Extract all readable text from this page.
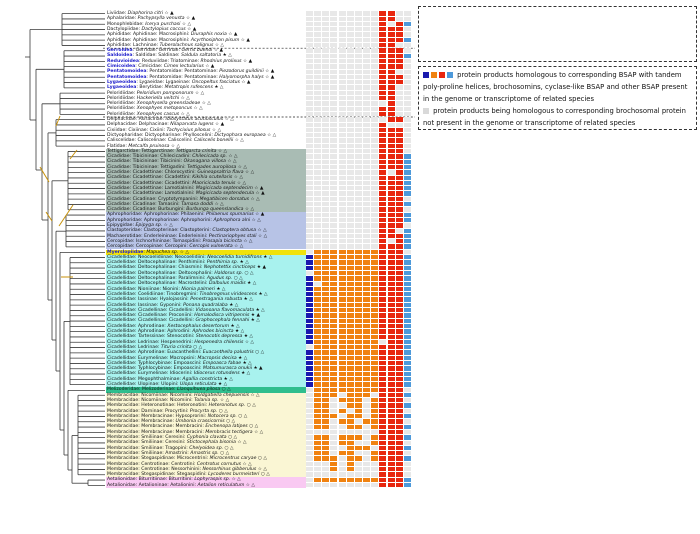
protein products homologous to corresponding BSAP with tandem poly-proline helices, brochosomins, cyclase-like BSAP and other BSAP present in the genome or transcriptome of related species

protein products being homologous to corresponding brochosomal protein not present in the genome or transcriptome of related species

Liviidae: Diaphorina citri ☆ ▲
Aphalaridae: Pachypsylla venusta ☆ ▲
Monophlebidae: Icerya purchasi ☆ △
Dactylopiidae: Dactylopius coccus ☆ ▲
Aphididae: Aphidinae: Macrosiphini: Diuraphis noxia ☆ ▲
Aphididae: Aphidinae: Macrosiphini: Acyrthosiphon pisum ☆ ▲
Aphididae: Lachninae: Tuberolachnus salignus ☆ △
Gerroidea: Gerridae: Gerrinae: Gerris buenoi ☆ ▲
Saldoidea: Saldidae: Saldinae: Saldula saltatoria ★ △
Reduvioidea: Reduviidae: Triatominae: Rhodnius prolixus ☆ ▲
Cimicoidea: Cimicidae: Cimex lectularius ☆ ▲
Pentatomoidea: Pentatomidae: Pentatominae: Piezodorus guildinii ☆ ▲
Pentatomoidea: Pentatomidae: Pentatominae: Halyomorpha halys ☆ ▲
Lygaeoidea: Lygaeidae: Lygaeinae: Oncopeltus fasciatus ☆ ▲
Lygaeoidea: Berytidae: Metatropis rufescens ★ △
Peloridiidae: Peloridium pomponorum ☆ △
Peloridiidae: Hackeriella veitchi ☆ △
Peloridiidae: Xenophysella greensladeae ☆ △
Peloridiidae: Xenophyes metoponcus ☆ △
Peloridiidae: Xenophyes cascus ☆ △
Delphacidae: Asiracinae: Idiosystatus acutiusculus ☆ △
Delphacidae: Delphacinae: Nilaparvata lugens ☆ ▲
Cixiidae: Cixiinae: Cixiini: Tachycixius pilosus ☆ △
Dictyopharidae: Dictyopharinae: Phylloscelini: Dictyophara europaea ☆ △
Caliscelidae: Caliscelinae: Caliscelini: Caliscelis bonellii ☆ △
Flatidae: Metcalfa pruinosa ☆ △
Tettigarctidae: Tettigarctinae: Tettigarcta crinita ☆ △
Cicadidae: Tibicininae: Chilecicadini: Chilecicada sp. ☆ △
Cicadidae: Tibicininae: Tibicinini: Okanagana villosa ☆ △
Cicadidae: Tibicininae: Tettigadini: Tettigades auropilosa ☆ △
Cicadidae: Cicadettinae: Chlorocystini: Guineapsaltria flava ☆ △
Cicadidae: Cicadettinae: Cicadettini: Kikihia scutellaris ☆ △
Cicadidae: Cicadettinae: Cicadettini: Maoricicada tenuis ☆ △
Cicadidae: Cicadettinae: Lamotialnini: Magicicada septendecim ☆ ▲
Cicadidae: Cicadettinae: Lamotialnini: Magicicada septendecula ☆ ▲
Cicadidae: Cicadinae: Cryptotympanini: Megatibicen dorsatus ☆ △
Cicadidae: Cicadinae: Tamasini: Tamasa doddi ☆ △
Cicadidae: Cicadinae: Burbungini: Burbunga queenslandica ☆ △
Aphrophoridae: Aphrophorinae: Philaenini: Philaenus spumarius ☆ ▲
Aphrophoridae: Aphrophorinae: Aphrophorini: Aphrophora alni ☆ △
Epipygidae: Epipyga sp. ☆ △
Clastopteridae: Clastopterinae: Clastopterini: Clastoptera obtusa ☆ △
Machaerotidae: Enderleininae: Enderleinini: Pectinariophyes stali ☆ △
Cercopidae: Ischnorhininae: Tomaspidini: Prosapia bicincta ☆ △
Cercopidae: Cercopinae: Cercopini: Cercopis vulnerata ☆ △
Myerslopiidae: Mapuchea sp. ☆ △
Cicadellidae: Neocoelidiinae: Neocoelidiini: Neocoelidia tumidifrons ★ △
Cicadellidae: Deltocephalinae: Penthimiini: Penthimia sp. ★ △
Cicadellidae: Deltocephalinae: Chiasmini: Nephotettix cincticeps ★ ▲
Cicadellidae: Deltocephalinae: Deltocephalini: Haldorus sp. ○ △
Cicadellidae: Deltocephalinae: Paralimnini: Agudus sp. ○ △
Cicadellidae: Deltocephalinae: Macrostelini: Dalbulus maidis ★ △
Cicadellidae: Nioniinae: Nionini: Nionia palmeri ★ △
Cicadellidae: Coelidiinae: Tinobregmini: Tinobregmus viridescens ★ △
Cicadellidae: Iassinae: Hyalojassini: Penestragania robusta ★ △
Cicadellidae: Iassinae: Gyponini: Ponana quadralaba ★ △
Cicadellidae: Cicadellinae: Cicadellini: Vidanoana flavomaculata ★ △
Cicadellidae: Cicadellinae: Proconiini: Homalodisca vitripennis ★ ▲
Cicadellidae: Cicadellinae: Cicadellini: Graphocephala fennahi ★ △
Cicadellidae: Aphrodinae: Xestocephalus desertorum ★ △
Cicadellidae: Aphrodinae: Aphrodini: Aphrodes bicincta ★ △
Cicadellidae: Tartessinae: Stenocotini: Stenocotis depressa ★ △
Cicadellidae: Ledrinae: Hespenedrini: Hespenedra chilensis ☆ △
Cicadellidae: Ledrinae: Tituria crinita ○ △
Cicadellidae: Aphrodinae: Euacanthellini: Euacanthella palustris ○ △
Cicadellidae: Eurymelinae: Macropsini: Macropsis decisa ★ △
Cicadellidae: Typhlocybinae: Empoascini: Empoasca fabae ★ △
Cicadellidae: Typhlocybinae: Empoascini: Matsumurasca onukii ★ ▲
Cicadellidae: Eurymelinae: Idiocerini: Idiocerus rotundens ★ △
Cicadellidae: Megophthalminae: Agallia constricta ★ △
Cicadellidae: Ulopinae: Ulopini: Ulopa reticulata ★ △
Melizoderidae: Melizoderinae: Llanquihuea pilosa ○ △
Membracidae: Nicomiinae: Nicomiini: Holdgatiella chepuensis ☆ △
Membracidae: Nicomiinae: Nicomiini: Tolania sp. ☆ △
Membracidae: Heteronotinae: Heteronotini: Heteronotus sp. ○ △
Membracidae: Darninae: Procyrtini: Procyrta sp. ○ △
Membracidae: Membracinae: Hypsoprorini: Notocera sp. ○ △
Membracidae: Membracinae: Umbonia crassicornis ○ △
Membracidae: Membracinae: Membracini: Enchenopa latipes ○ △
Membracidae: Membracinae: Membracini: Membracis tectigera ☆ △
Membracidae: Smiliinae: Ceresini: Cyphonia clavata ○ △
Membracidae: Smiliinae: Ceresini: Stictocephala bisonia ☆ △
Membracidae: Smiliinae: Tragopini: Chelyoidea sp. ○ △
Membracidae: Smiliinae: Amastrini: Amastris sp. ○ △
Membracidae: Stegaspidinae: Microcentrini: Microcentrus caryae ○ △
Membracidae: Centrotinae: Centrotini: Centrotus cornutus ☆ △
Membracidae: Centrotinae: Nessorhinini: Nessorhinus gibberulus ☆ △
Membracidae: Stegaspidinae: Stegaspidini: Lycoderes burmeisteri ○ △
Aetalionidae: Biturritiinae: Biturritiini: Lophyraspis sp. ☆ △
Aetalionidae: Aetalioninae: Aetalionini: Aetalion reticulatum ☆ △
